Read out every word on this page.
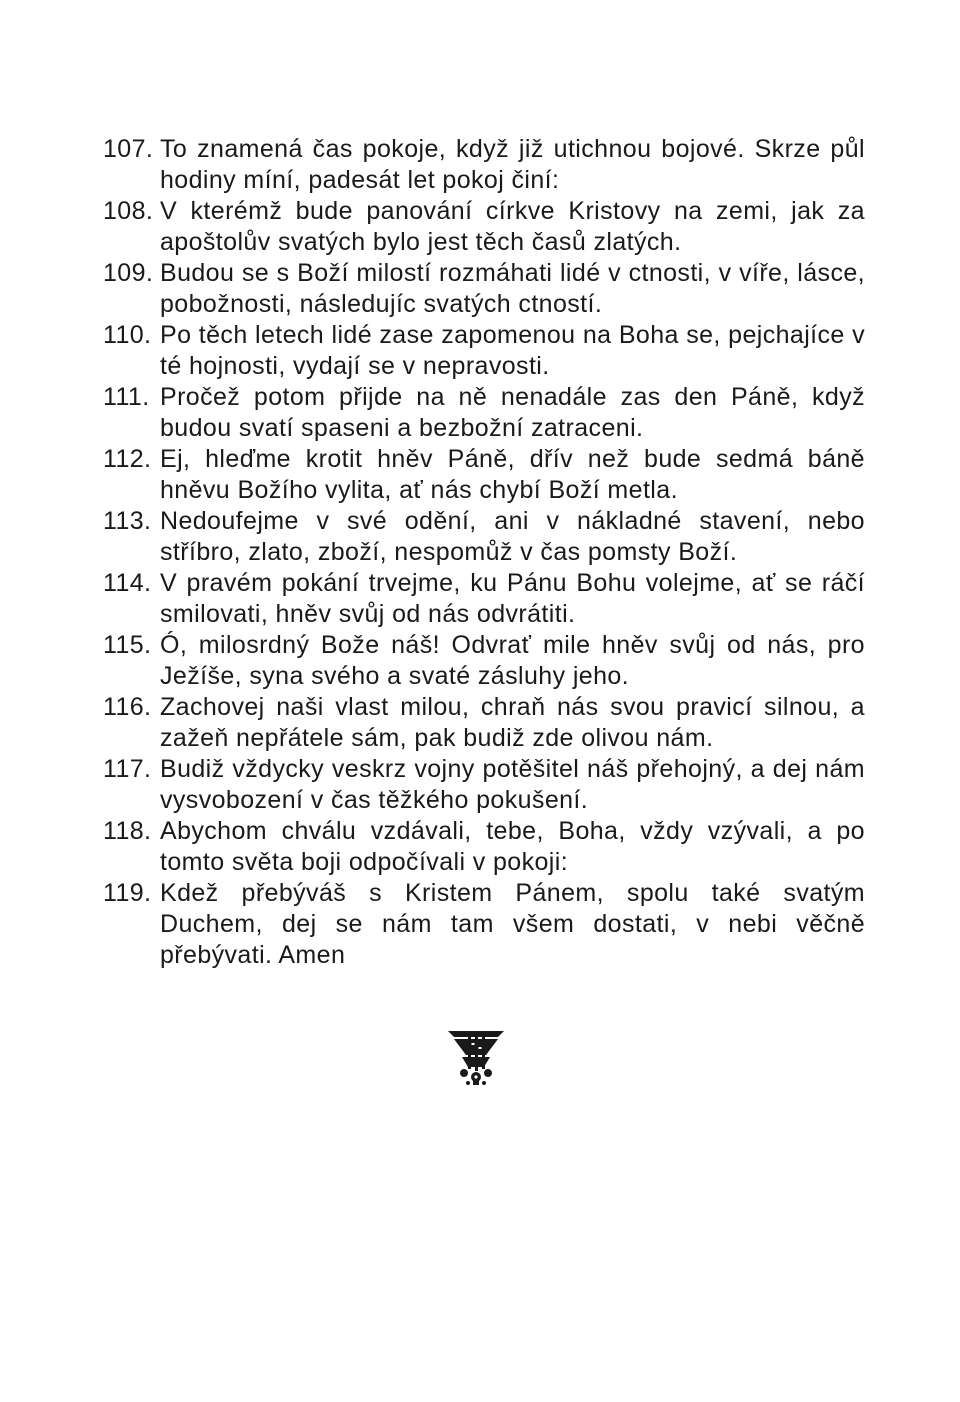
107. To znamená čas pokoje, když již utichnou bojové. Skrze půl hodiny míní, padesát let pokoj činí:
108. V kterémž bude panování církve Kristovy na zemi, jak za apoštolův svatých bylo jest těch časů zlatých.
109. Budou se s Boží milostí rozmáhati lidé v ctnosti, v víře, lásce, pobožnosti, následujíc svatých ctností.
110. Po těch letech lidé zase zapomenou na Boha se, pejchajíce v té hojnosti, vydají se v nepravosti.
111. Pročež potom přijde na ně nenadále zas den Páně, když budou svatí spaseni a bezbožní zatraceni.
112. Ej, hleďme krotit hněv Páně, dřív než bude sedmá báně hněvu Božího vylita, ať nás chybí Boží metla.
113. Nedoufejme v své odění, ani v nákladné stavení, nebo stříbro, zlato, zboží, nespomůž v čas pomsty Boží.
114. V pravém pokání trvejme, ku Pánu Bohu volejme, ať se ráčí smilovati, hněv svůj od nás odvrátiti.
115. Ó, milosrdný Bože náš! Odvrať mile hněv svůj od nás, pro Ježíše, syna svého a svaté zásluhy jeho.
116. Zachovej naši vlast milou, chraň nás svou pravicí silnou, a zažeň nepřátele sám, pak budiž zde olivou nám.
117. Budiž vždycky veskrz vojny potěšitel náš přehojný, a dej nám vysvobození v čas těžkého pokušení.
118. Abychom chválu vzdávali, tebe, Boha, vždy vzývali, a po tomto světa boji odpočívali v pokoji:
119. Kdež přebýváš s Kristem Pánem, spolu také svatým Duchem, dej se nám tam všem dostati, v nebi věčně přebývati. Amen
